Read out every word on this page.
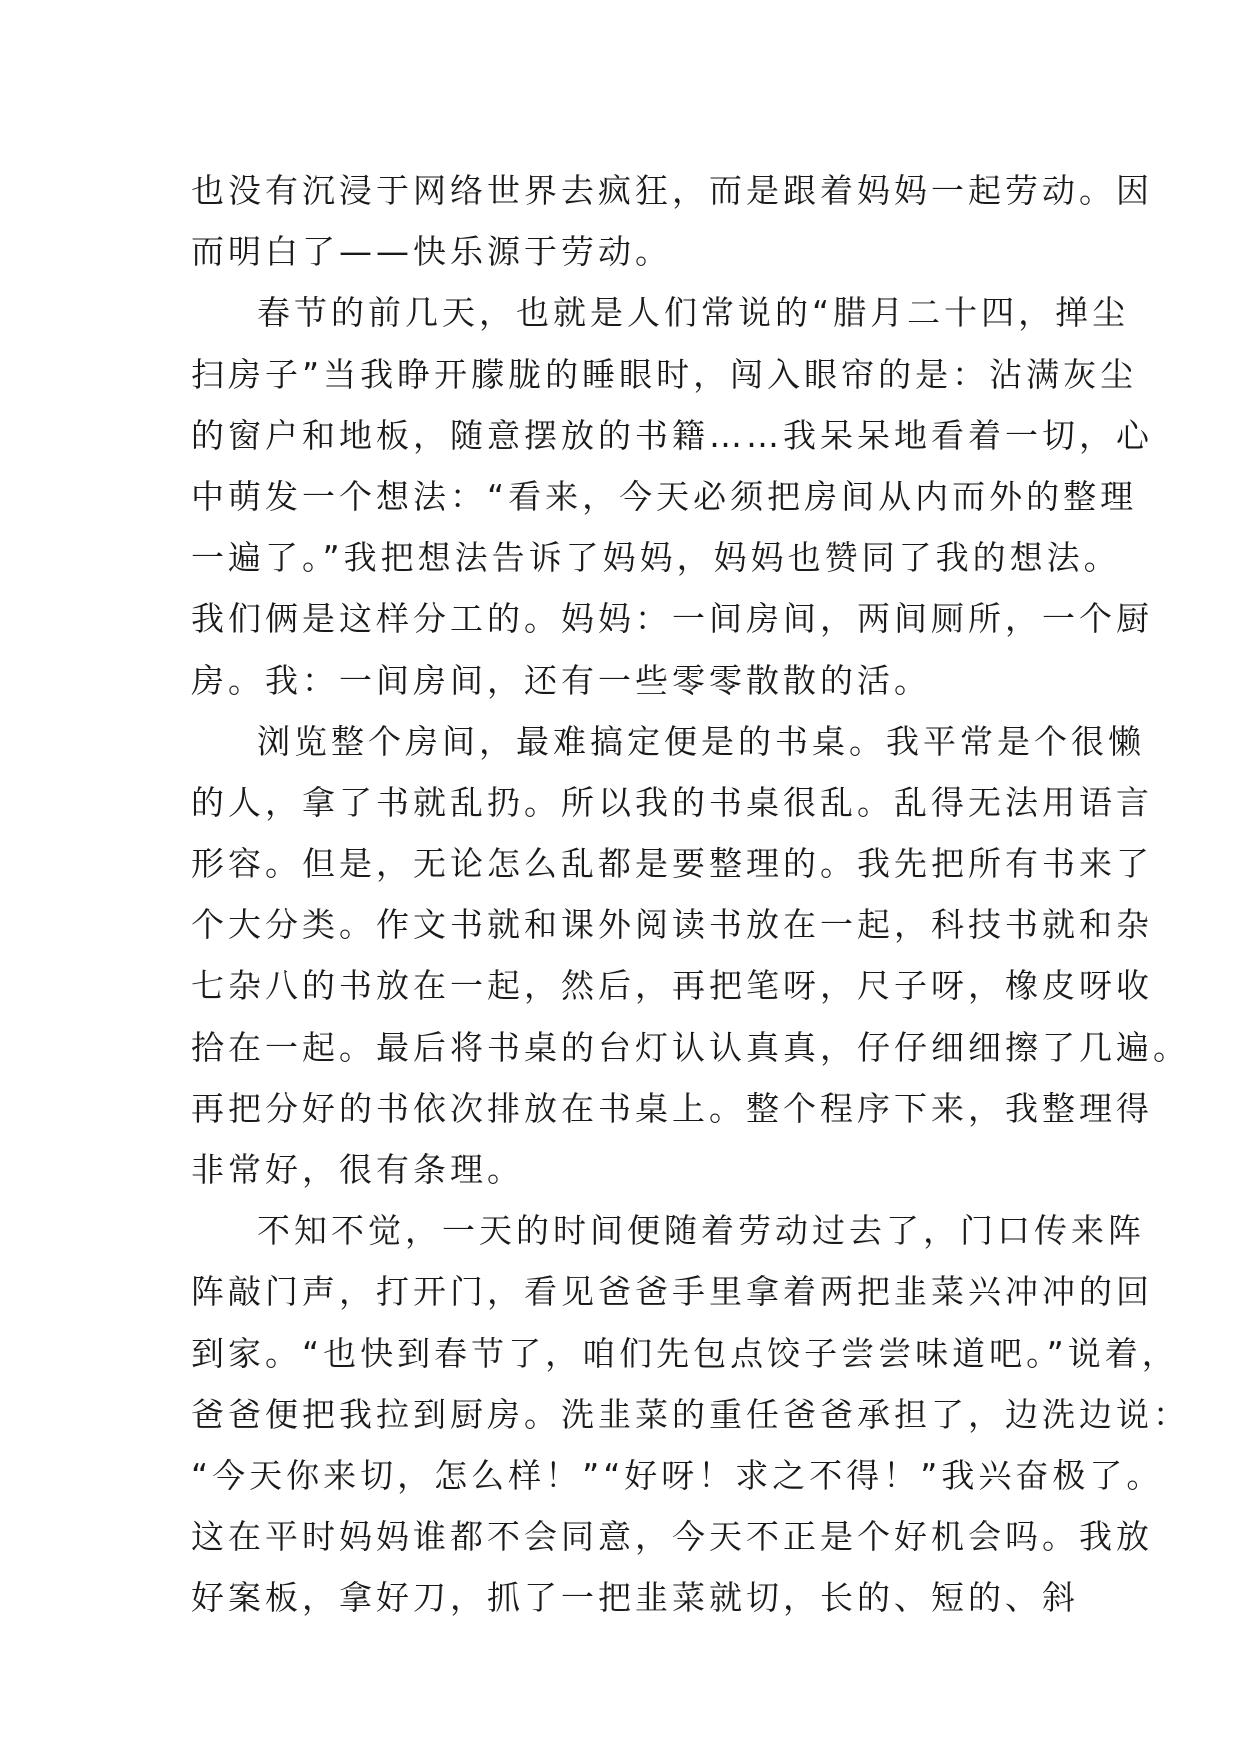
也没有沉浸于网络世界去疯狂，而是跟着妈妈一起劳动。因
而明白了——快乐源于劳动。
春节的前几天，也就是人们常说的“腊月二十四，掸尘
扫房子”当我睁开朦胧的睡眼时，闯入眼帘的是：沾满灰尘
的窗户和地板，随意摆放的书籍……我呆呆地看着一切，心
中萌发一个想法：“看来，今天必须把房间从内而外的整理
一遍了。”我把想法告诉了妈妈，妈妈也赞同了我的想法。
我们俩是这样分工的。妈妈：一间房间，两间厕所，一个厨
房。我：一间房间，还有一些零零散散的活。
浏览整个房间，最难搞定便是的书桌。我平常是个很懒
的人，拿了书就乱扔。所以我的书桌很乱。乱得无法用语言
形容。但是，无论怎么乱都是要整理的。我先把所有书来了
个大分类。作文书就和课外阅读书放在一起，科技书就和杂
七杂八的书放在一起，然后，再把笔呀，尺子呀，橡皮呀收
拾在一起。最后将书桌的台灯认认真真，仔仔细细擦了几遍。
再把分好的书依次排放在书桌上。整个程序下来，我整理得
非常好，很有条理。
不知不觉，一天的时间便随着劳动过去了，门口传来阵
阵敲门声，打开门，看见爸爸手里拿着两把韭菜兴冲冲的回
到家。“也快到春节了，咱们先包点饺子尝尝味道吧。”说着，
爸爸便把我拉到厨房。洗韭菜的重任爸爸承担了，边洗边说：
“今天你来切，怎么样！”“好呀！求之不得！”我兴奋极了。
这在平时妈妈谁都不会同意，今天不正是个好机会吗。我放
好案板，拿好刀，抓了一把韭菜就切，长的、短的、斜
